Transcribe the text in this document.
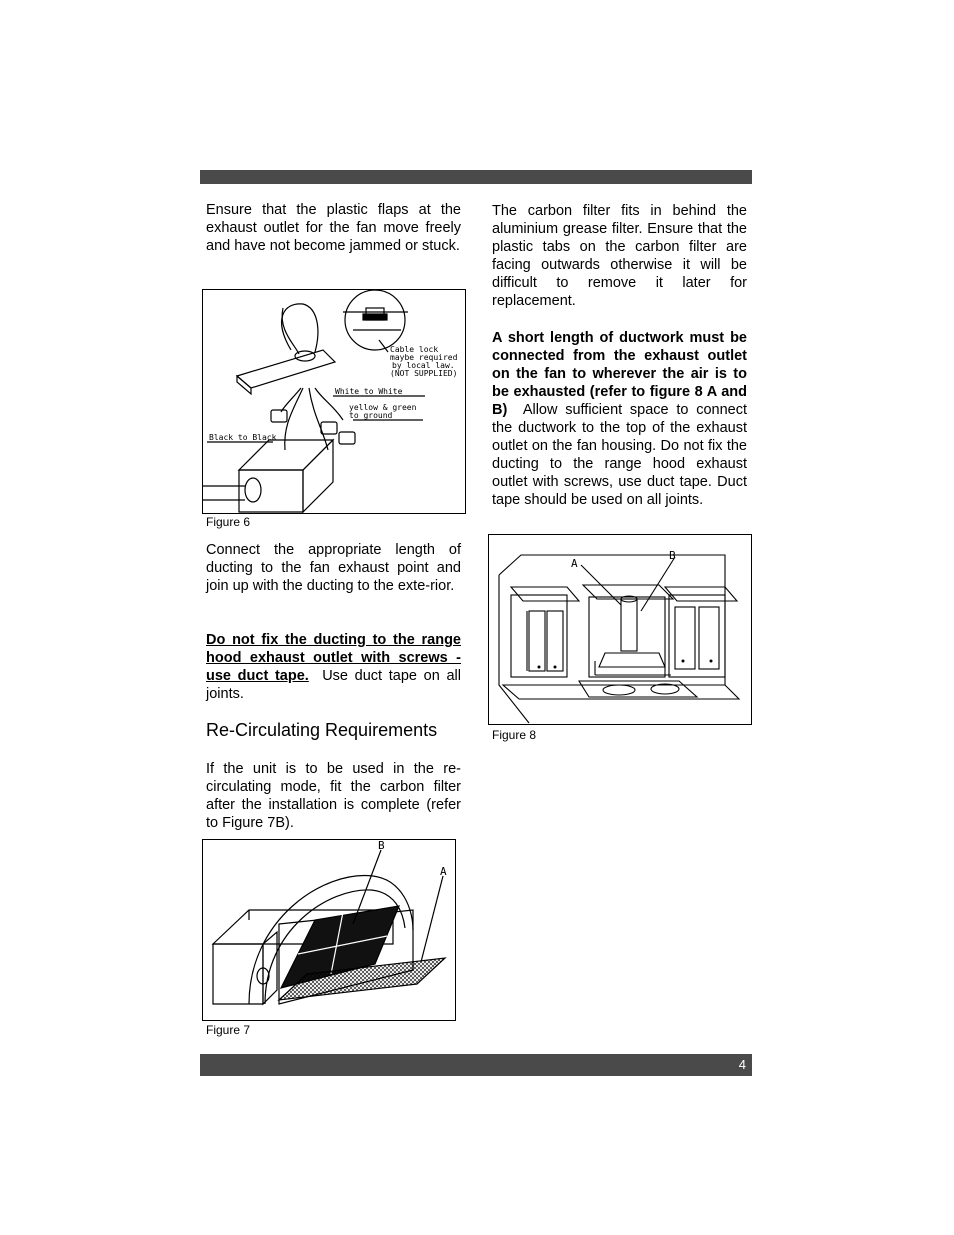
Ensure that the plastic flaps at the exhaust outlet for the fan move freely and have not become jammed or stuck.

Cable lock
maybe required
by local law.
(NOT SUPPLIED)
White to White
yellow & green
to ground
Black to Black
Figure 6

Connect the appropriate length of ducting to the fan exhaust point and join up with the ducting to the exte-rior.

Do not fix the ducting to the range hood exhaust outlet with screws - use duct tape. Use duct tape on all joints.

Re-Circulating Requirements

If the unit is to be used in the re-circulating mode, fit the carbon filter after the installation is complete (refer to Figure 7B).

B
A
Figure 7

The carbon filter fits in behind the aluminium grease filter. Ensure that the plastic tabs on the carbon filter are facing outwards otherwise it will be difficult to remove it later for replacement.

A short length of ductwork must be connected from the exhaust outlet on the fan to wherever the air is to be exhausted (refer to figure 8 A and B) Allow sufficient space to connect the ductwork to the top of the exhaust outlet on the fan housing. Do not fix the ducting to the range hood exhaust outlet with screws, use duct tape. Duct tape should be used on all joints.

A
B
Figure 8
4
